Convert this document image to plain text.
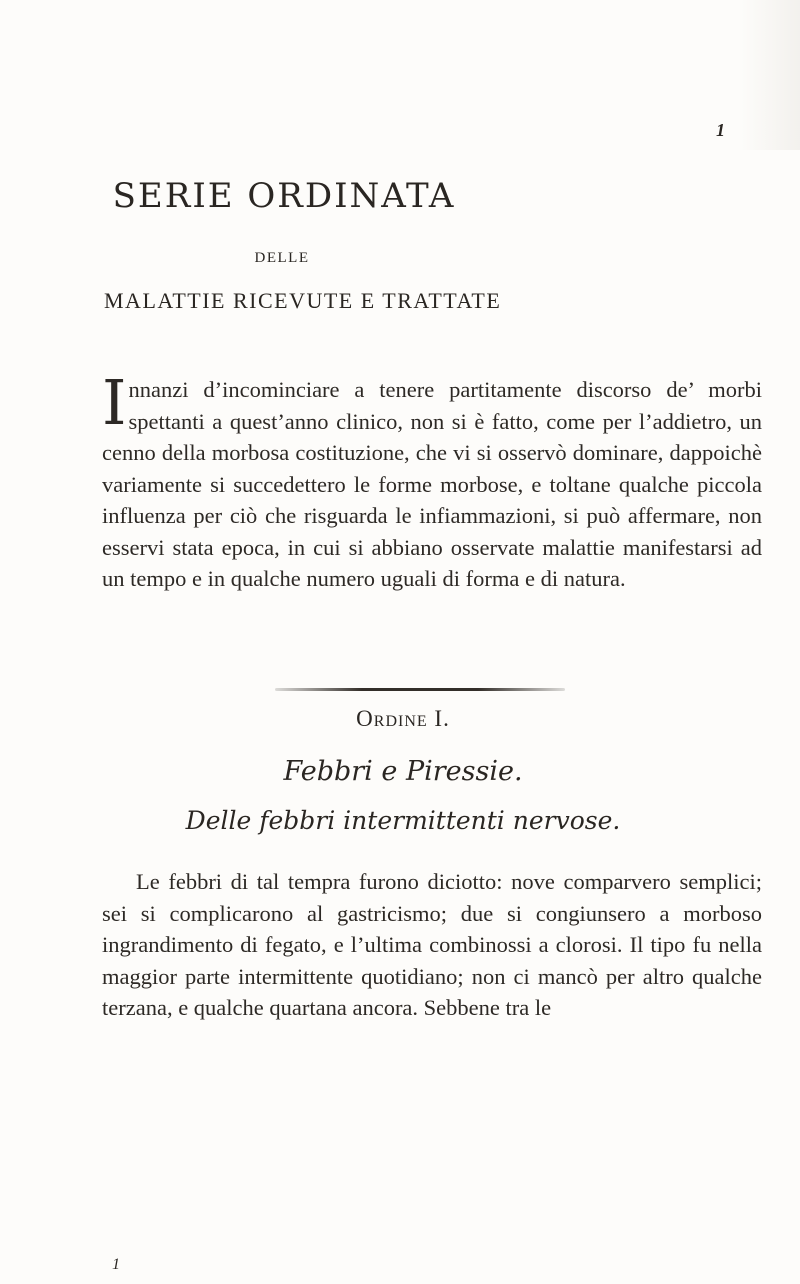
1
SERIE ORDINATA
DELLE
MALATTIE RICEVUTE E TRATTATE
I nnanzi d’incominciare a tenere partitamente discorso de’ morbi spettanti a quest’anno clinico, non si è fatto, come per l’addietro, un cenno della morbosa costituzione, che vi si osservò dominare, dappoichè variamente si succedettero le forme morbose, e toltane qualche piccola influenza per ciò che risguarda le infiammazioni, si può affermare, non esservi stata epoca, in cui si abbiano osservate malattie manifestarsi ad un tempo e in qualche numero uguali di forma e di natura.
Ordine I.
Febbri e Piressie.
Delle febbri intermittenti nervose.
Le febbri di tal tempra furono diciotto: nove comparvero semplici; sei si complicarono al gastricismo; due si congiunsero a morboso ingrandimento di fegato, e l’ultima combinossi a clorosi. Il tipo fu nella maggior parte intermittente quotidiano; non ci mancò per altro qualche terzana, e qualche quartana ancora. Sebbene tra le
1
